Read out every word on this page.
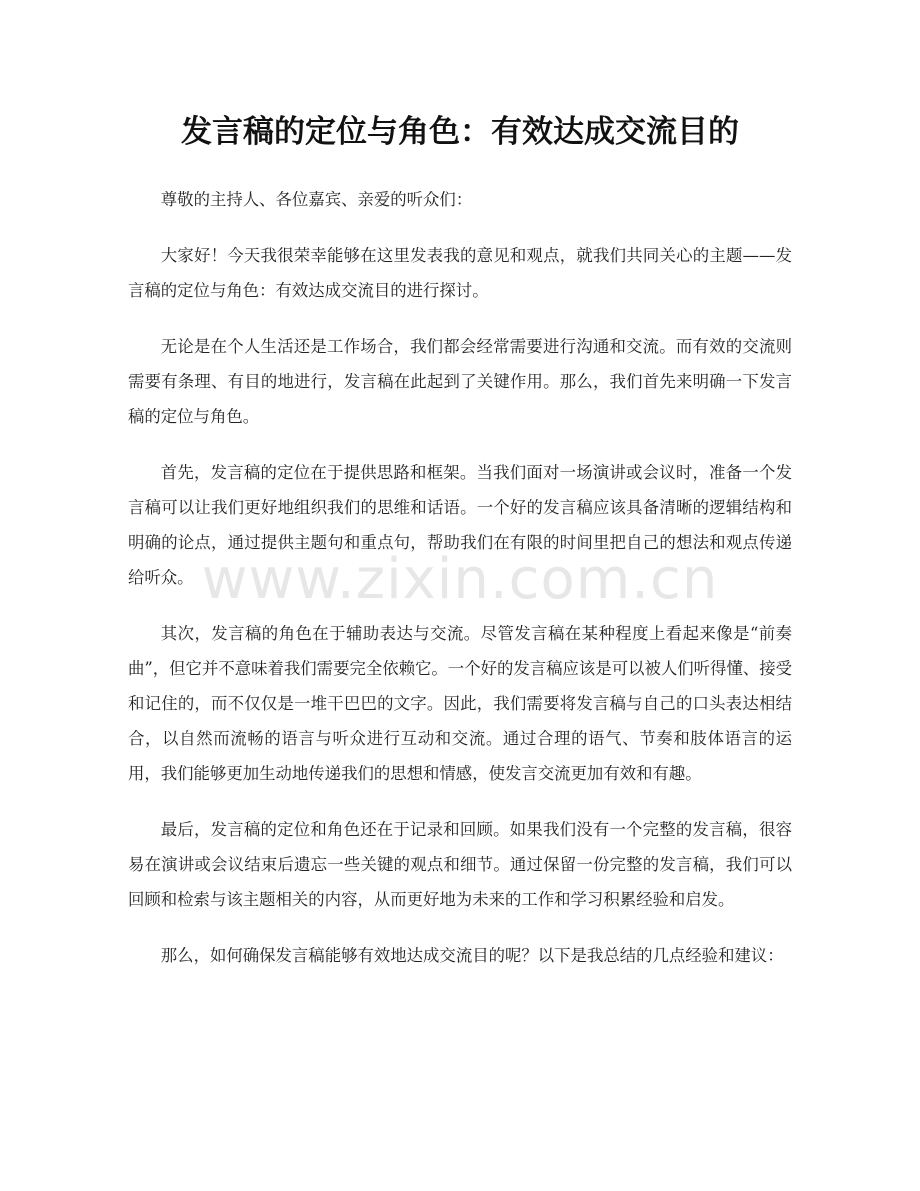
发言稿的定位与角色：有效达成交流目的

尊敬的主持人、各位嘉宾、亲爱的听众们：

大家好！今天我很荣幸能够在这里发表我的意见和观点，就我们共同关心的主题——发言稿的定位与角色：有效达成交流目的进行探讨。

无论是在个人生活还是工作场合，我们都会经常需要进行沟通和交流。而有效的交流则需要有条理、有目的地进行，发言稿在此起到了关键作用。那么，我们首先来明确一下发言稿的定位与角色。

首先，发言稿的定位在于提供思路和框架。当我们面对一场演讲或会议时，准备一个发言稿可以让我们更好地组织我们的思维和话语。一个好的发言稿应该具备清晰的逻辑结构和明确的论点，通过提供主题句和重点句，帮助我们在有限的时间里把自己的想法和观点传递给听众。

其次，发言稿的角色在于辅助表达与交流。尽管发言稿在某种程度上看起来像是“前奏曲”，但它并不意味着我们需要完全依赖它。一个好的发言稿应该是可以被人们听得懂、接受和记住的，而不仅仅是一堆干巴巴的文字。因此，我们需要将发言稿与自己的口头表达相结合，以自然而流畅的语言与听众进行互动和交流。通过合理的语气、节奏和肢体语言的运用，我们能够更加生动地传递我们的思想和情感，使发言交流更加有效和有趣。

最后，发言稿的定位和角色还在于记录和回顾。如果我们没有一个完整的发言稿，很容易在演讲或会议结束后遗忘一些关键的观点和细节。通过保留一份完整的发言稿，我们可以回顾和检索与该主题相关的内容，从而更好地为未来的工作和学习积累经验和启发。

那么，如何确保发言稿能够有效地达成交流目的呢？以下是我总结的几点经验和建议：

www.zixin.com.cn
